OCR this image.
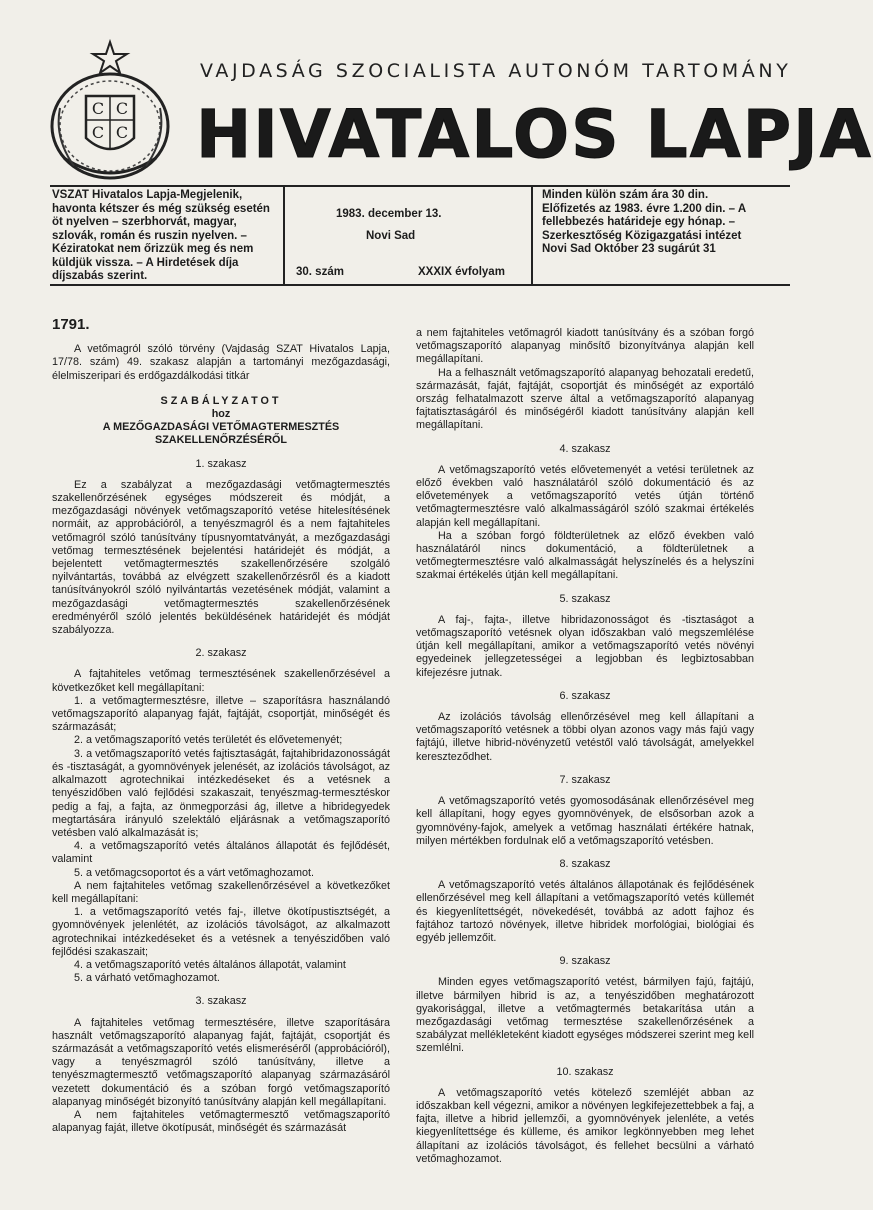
С С
С С
VAJDASÁG SZOCIALISTA AUTONÓM TARTOMÁNY
HIVATALOS LAPJA
VSZAT Hivatalos Lapja-Megjelenik, havonta kétszer és még szükség esetén öt nyelven – szerbhorvát, magyar, szlovák, román és ruszin nyelven. – Kéziratokat nem őrizzük meg és nem küldjük vissza. – A Hirdetések díja díjszabás szerint.
1983. december 13.
Novi Sad
30. szám	XXXIX évfolyam
Minden külön szám ára 30 din. Előfizetés az 1983. évre 1.200 din. – A fellebbezés határideje egy hónap. – Szerkesztőség Közigazgatási intézet Novi Sad Október 23 sugárút 31
1791.

A vetőmagról szóló törvény (Vajdaság SZAT Hivatalos Lapja, 17/78. szám) 49. szakasz alapján a tartományi mezőgazdasági, élelmiszeripari és erdőgazdálkodási titkár

SZABÁLYZATOT

hoz

A MEZŐGAZDASÁGI VETŐMAGTERMESZTÉS SZAKELLENŐRZÉSÉRŐL

1. szakasz

Ez a szabályzat a mezőgazdasági vetőmagtermesztés szakellenőrzésének egységes módszereit és módját, a mezőgazdasági növények vetőmagszaporító vetése hitelesítésének normáit, az approbációról, a tenyészmagról és a nem fajtahiteles vetőmagról szóló tanúsítvány típusnyomtatványát, a mezőgazdasági vetőmag termesztésének bejelentési határidejét és módját, a bejelentett vetőmagtermesztés szakellenőrzésére szolgáló nyilvántartás, továbbá az elvégzett szakellenőrzésről és a kiadott tanúsítványokról szóló nyilvántartás vezetésének módját, valamint a mezőgazdasági vetőmagtermesztés szakellenőrzésének eredményéről szóló jelentés beküldésének határidejét és módját szabályozza.

2. szakasz

A fajtahiteles vetőmag termesztésének szakellenőrzésével a következőket kell megállapítani:

1. a vetőmagtermesztésre, illetve – szaporításra használandó vetőmagszaporító alapanyag faját, fajtáját, csoportját, minőségét és származását;

2. a vetőmagszaporító vetés területét és elővetemenyét;

3. a vetőmagszaporító vetés fajtisztaságát, fajtahibridazonosságát és -tisztaságát, a gyomnövények jelenését, az izolációs távolságot, az alkalmazott agrotechnikai intézkedéseket és a vetésnek a tenyészidőben való fejlődési szakaszait, tenyészmag-termesztéskor pedig a faj, a fajta, az önmegporzási ág, illetve a hibridegyedek megtartására irányuló szelektáló eljárásnak a vetőmagszaporító vetésben való alkalmazását is;

4. a vetőmagszaporító vetés általános állapotát és fejlődését, valamint

5. a vetőmagcsoportot és a várt vetőmaghozamot.

A nem fajtahiteles vetőmag szakellenőrzésével a következőket kell megállapítani:

1. a vetőmagszaporító vetés faj-, illetve ökotípustisztségét, a gyomnövények jelenlétét, az izolációs távolságot, az alkalmazott agrotechnikai intézkedéseket és a vetésnek a tenyészidőben való fejlődési szakaszait;

4. a vetőmagszaporító vetés általános állapotát, valamint

5. a várható vetőmaghozamot.

3. szakasz

A fajtahiteles vetőmag termesztésére, illetve szaporítására használt vetőmagszaporító alapanyag faját, fajtáját, csoportját és származását a vetőmagszaporító vetés elismeréséről (approbációról), vagy a tenyészmagról szóló tanúsítvány, illetve a tenyészmagtermesztő vetőmagszaporító alapanyag származásáról vezetett dokumentáció és a szóban forgó vetőmagszaporító alapanyag minőségét bizonyító tanúsítvány alapján kell megállapítani.

A nem fajtahiteles vetőmagtermesztő vetőmagszaporító alapanyag faját, illetve ökotípusát, minőségét és származását

a nem fajtahiteles vetőmagról kiadott tanúsítvány és a szóban forgó vetőmagszaporító alapanyag minősítő bizonyítványa alapján kell megállapítani.

Ha a felhasznált vetőmagszaporító alapanyag behozatali eredetű, származását, faját, fajtáját, csoportját és minőségét az exportáló ország felhatalmazott szerve által a vetőmagszaporító alapanyag fajtatisztaságáról és minőségéről kiadott tanúsítvány alapján kell megállapítani.

4. szakasz

A vetőmagszaporító vetés elővetemenyét a vetési területnek az előző években való használatáról szóló dokumentáció és az elővetemények a vetőmagszaporító vetés útján történő vetőmagtermesztésre való alkalmasságáról szóló szakmai értékelés alapján kell megállapítani.

Ha a szóban forgó földterületnek az előző években való használatáról nincs dokumentáció, a földterületnek a vetőmegtermesztésre való alkalmasságát helyszínelés és a helyszíni szakmai értékelés útján kell megállapítani.

5. szakasz

A faj-, fajta-, illetve hibridazonosságot és -tisztaságot a vetőmagszaporító vetésnek olyan időszakban való megszemlélése útján kell megállapítani, amikor a vetőmagszaporító vetés növényi egyedeinek jellegzetességei a legjobban és legbiztosabban kifejezésre jutnak.

6. szakasz

Az izolációs távolság ellenőrzésével meg kell állapítani a vetőmagszaporító vetésnek a többi olyan azonos vagy más fajú vagy fajtájú, illetve hibrid-növényzetű vetéstől való távolságát, amelyekkel kereszteződhet.

7. szakasz

A vetőmagszaporító vetés gyomosodásának ellenőrzésével meg kell állapítani, hogy egyes gyomnövények, de elsősorban azok a gyomnövény-fajok, amelyek a vetőmag használati értékére hatnak, milyen mértékben fordulnak elő a vetőmagszaporító vetésben.

8. szakasz

A vetőmagszaporító vetés általános állapotának és fejlődésének ellenőrzésével meg kell állapítani a vetőmagszaporító vetés küllemét és kiegyenlítettségét, növekedését, továbbá az adott fajhoz és fajtához tartozó növények, illetve hibridek morfológiai, biológiai és egyéb jellemzőit.

9. szakasz

Minden egyes vetőmagszaporító vetést, bármilyen fajú, fajtájú, illetve bármilyen hibrid is az, a tenyészidőben meghatározott gyakorisággal, illetve a vetőmagtermés betakarítása után a mezőgazdasági vetőmag termesztése szakellenőrzésének a szabályzat mellékleteként kiadott egységes módszerei szerint meg kell szemlélni.

10. szakasz

A vetőmagszaporító vetés kötelező szemléjét abban az időszakban kell végezni, amikor a növényen legkifejezettebbek a faj, a fajta, illetve a hibrid jellemzői, a gyomnövények jelenléte, a vetés kiegyenlítettsége és külleme, és amikor legkönnyebben meg lehet állapítani az izolációs távolságot, és fellehet becsülni a várható vetőmaghozamot.
